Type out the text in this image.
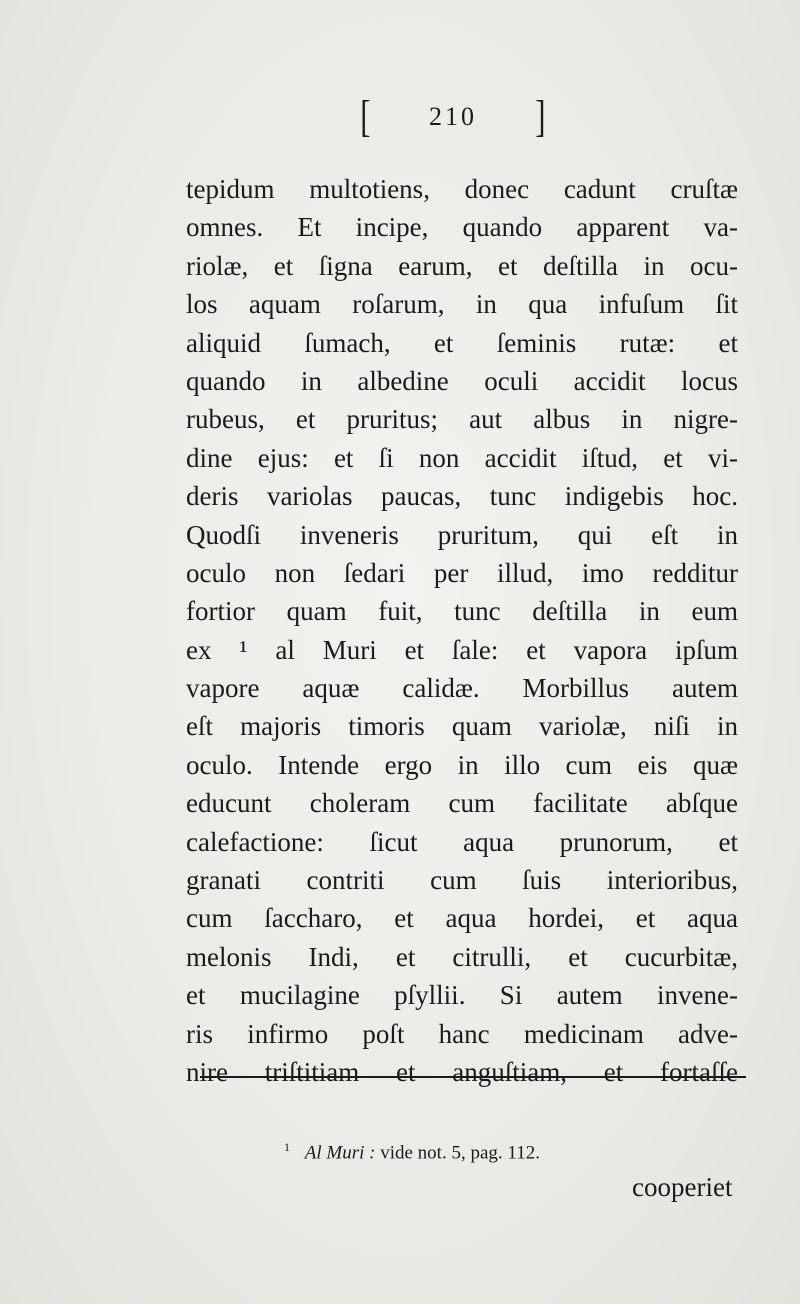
[ 210 ]
tepidum multotiens, donec cadunt cruſtæ
omnes. Et incipe, quando apparent va-
riolæ, et ſigna earum, et deſtilla in ocu-
los aquam roſarum, in qua infuſum ſit
aliquid ſumach, et ſeminis rutæ: et
quando in albedine oculi accidit locus
rubeus, et pruritus; aut albus in nigre-
dine ejus: et ſi non accidit iſtud, et vi-
deris variolas paucas, tunc indigebis hoc.
Quodſi inveneris pruritum, qui eſt in
oculo non ſedari per illud, imo redditur
fortior quam fuit, tunc deſtilla in eum
ex ¹ al Muri et ſale: et vapora ipſum
vapore aquæ calidæ. Morbillus autem
eſt majoris timoris quam variolæ, niſi in
oculo. Intende ergo in illo cum eis quæ
educunt choleram cum facilitate abſque
calefactione: ſicut aqua prunorum, et
granati contriti cum ſuis interioribus,
cum ſaccharo, et aqua hordei, et aqua
melonis Indi, et citrulli, et cucurbitæ,
et mucilagine pſyllii. Si autem invene-
ris infirmo poſt hanc medicinam adve-
nire triſtitiam et anguſtiam, et fortaſſe
$^1$ Al Muri : vide not. 5, pag. 112.
cooperiet
